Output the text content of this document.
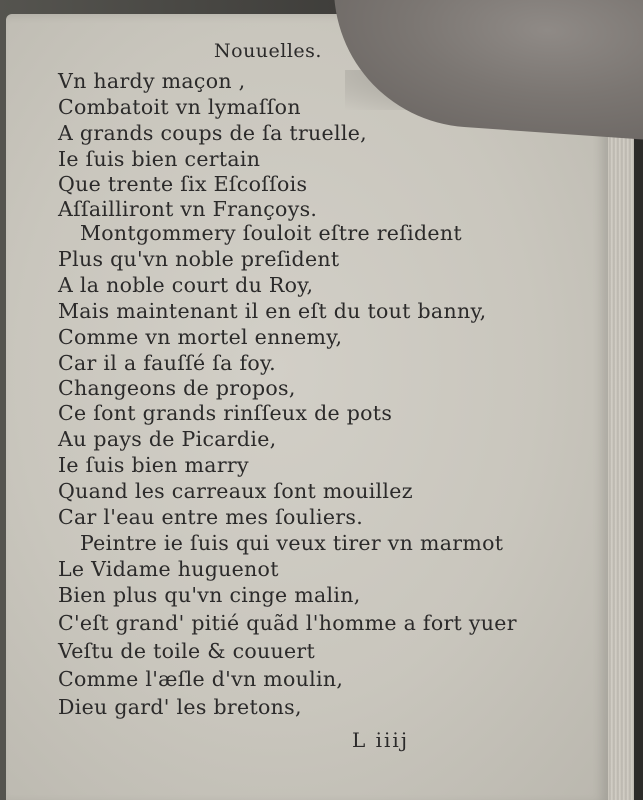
Nouuelles.
Vn hardy maçon ,
Combatoit vn lymaſſon
A grands coups de ſa truelle,
Ie ſuis bien certain
Que trente ſix Eſcoſſois
Aſſailliront vn Françoys.
Montgommery ſouloit eſtre reſident
Plus qu'vn noble preſident
A la noble court du Roy,
Mais maintenant il en eſt du tout banny,
Comme vn mortel ennemy,
Car il a fauſſé ſa foy.
Changeons de propos,
Ce ſont grands rinſſeux de pots
Au pays de Picardie,
Ie ſuis bien marry
Quand les carreaux ſont mouillez
Car l'eau entre mes ſouliers.
Peintre ie ſuis qui veux tirer vn marmot
Le Vidame huguenot
Bien plus qu'vn cinge malin,
C'eſt grand' pitié quãd l'homme a fort yuer
Veſtu de toile & couuert
Comme l'æſle d'vn moulin,
Dieu gard' les bretons,
L iiij
